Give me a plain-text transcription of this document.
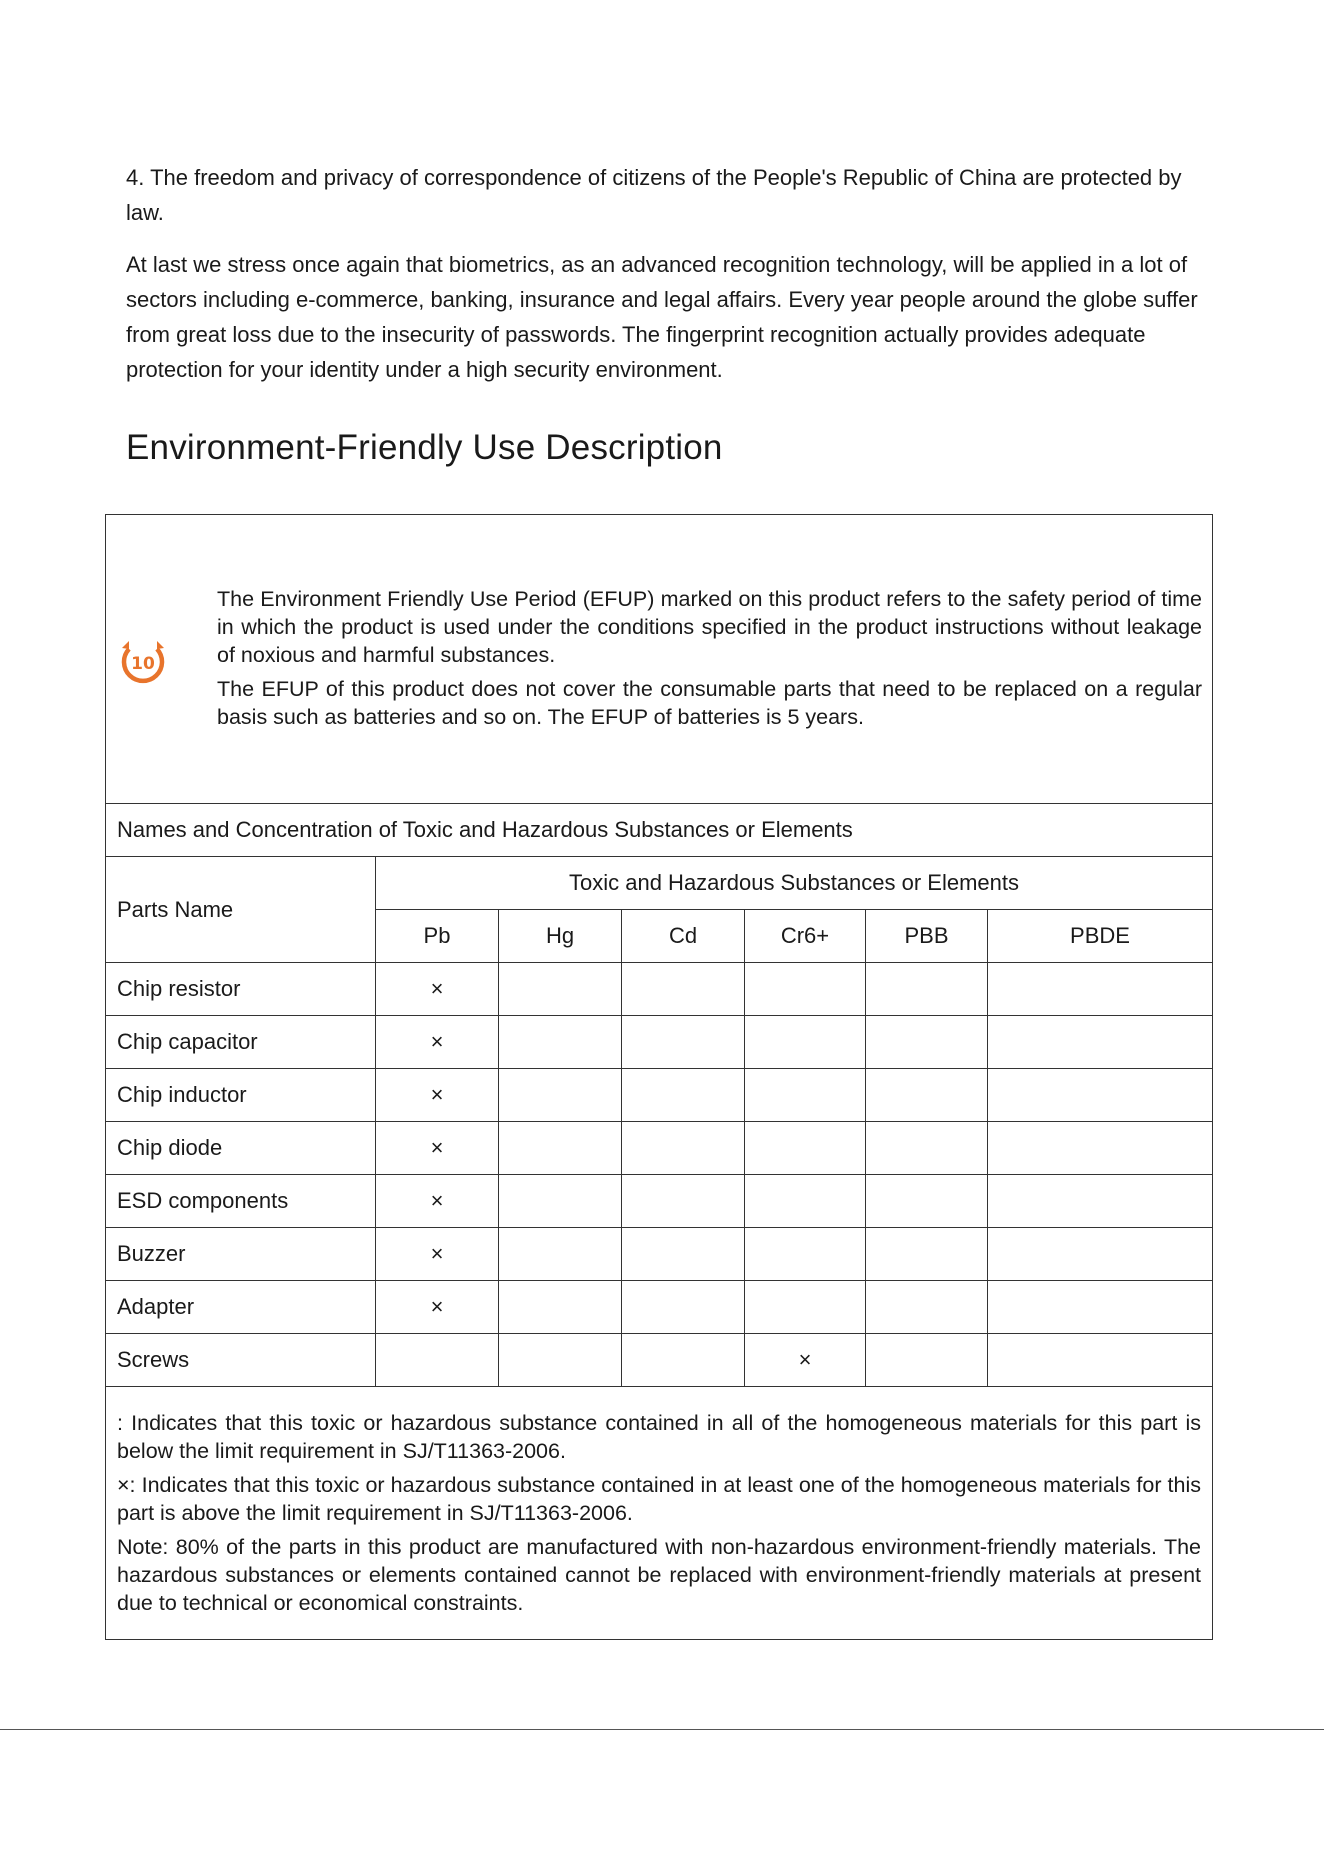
4. The freedom and privacy of correspondence of citizens of the People's Republic of China are protected by law.

At last we stress once again that biometrics, as an advanced recognition technology, will be applied in a lot of sectors including e-commerce, banking, insurance and legal affairs. Every year people around the globe suffer from great loss due to the insecurity of passwords. The fingerprint recognition actually provides adequate protection for your identity under a high security environment.

Environment-Friendly Use Description
10

The Environment Friendly Use Period (EFUP) marked on this product refers to the safety period of time in which the product is used under the conditions specified in the product instructions without leakage of noxious and harmful substances.

The EFUP of this product does not cover the consumable parts that need to be replaced on a regular basis such as batteries and so on. The EFUP of batteries is 5 years.						

Names and Concentration of Toxic and Hazardous Substances or Elements						
Parts Name	Toxic and Hazardous Substances or Elements					
	Pb	Hg	Cd	Cr6+	PBB	PBDE
Chip resistor	×					
Chip capacitor	×					
Chip inductor	×					
Chip diode	×					
ESD components	×					
Buzzer	×					
Adapter	×					
Screws				×		

: Indicates that this toxic or hazardous substance contained in all of the homogeneous materials for this part is below the limit requirement in SJ/T11363-2006.

×: Indicates that this toxic or hazardous substance contained in at least one of the homogeneous materials for this part is above the limit requirement in SJ/T11363-2006.

Note: 80% of the parts in this product are manufactured with non-hazardous environment-friendly materials. The hazardous substances or elements contained cannot be replaced with environment-friendly materials at present due to technical or economical constraints.						
